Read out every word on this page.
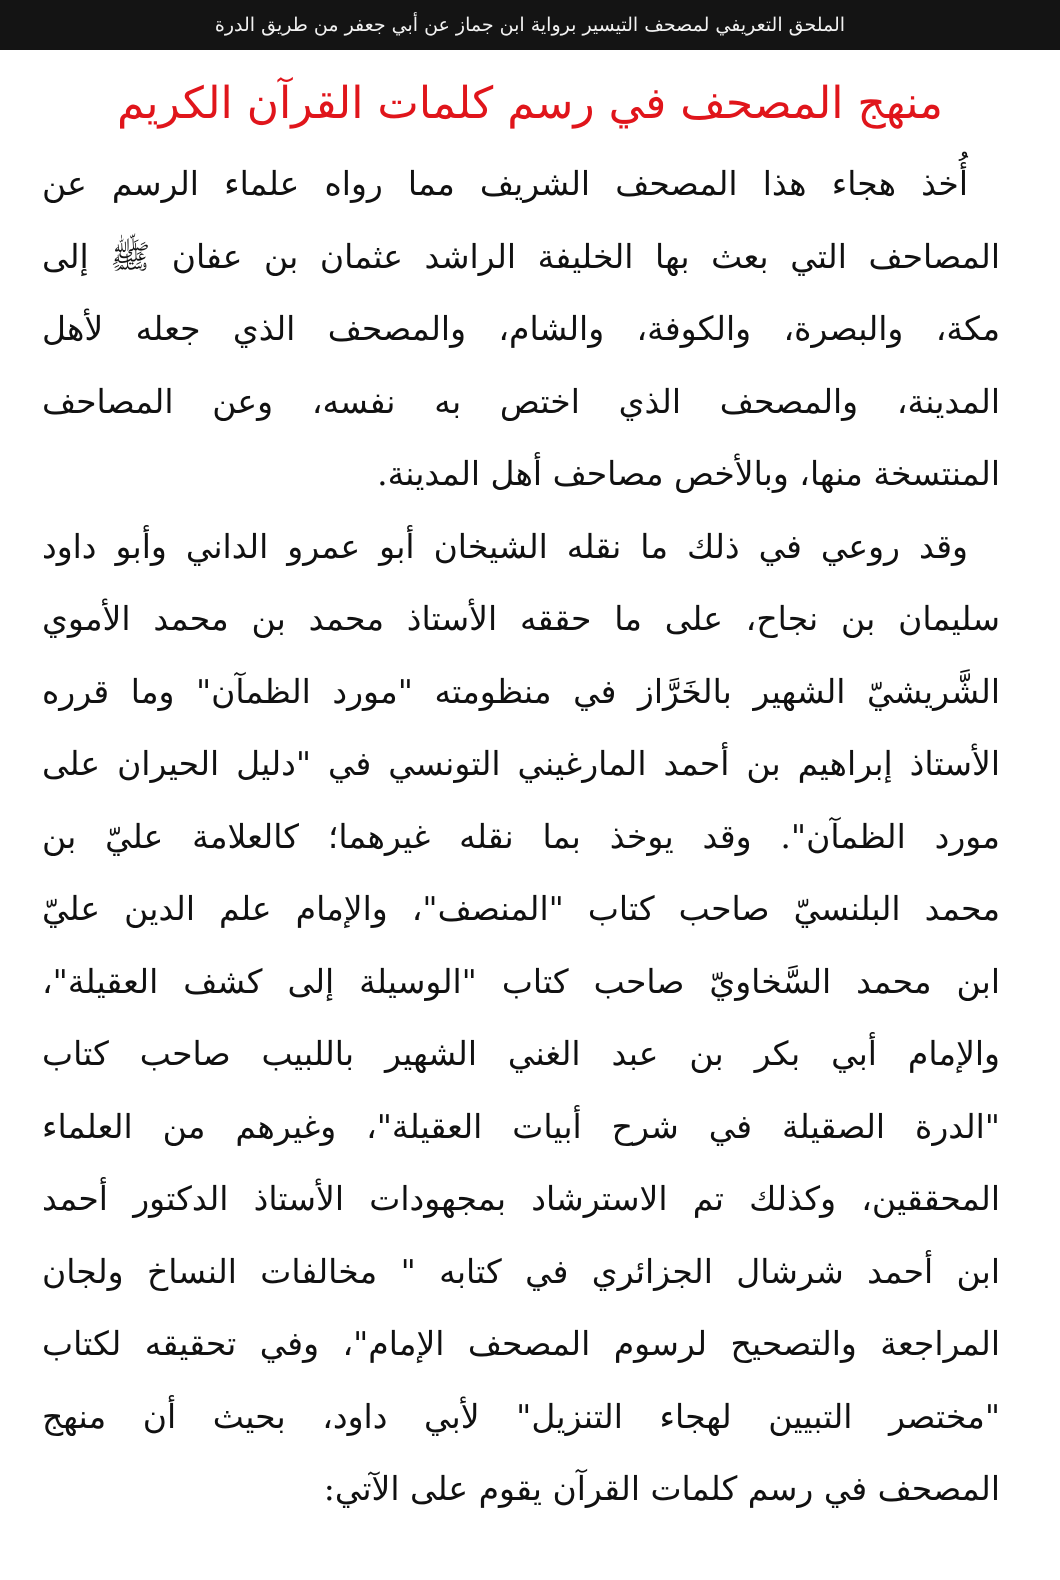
الملحق التعريفي لمصحف التيسير برواية ابن جماز عن أبي جعفر من طريق الدرة
منهج المصحف في رسم كلمات القرآن الكريم
أُخذ هجاء هذا المصحف الشريف مما رواه علماء الرسم عن
المصاحف التي بعث بها الخليفة الراشد عثمان بن عفان ﷺ إلى
مكة، والبصرة، والكوفة، والشام، والمصحف الذي جعله لأهل
المدينة، والمصحف الذي اختص به نفسه، وعن المصاحف
المنتسخة منها، وبالأخص مصاحف أهل المدينة.
وقد روعي في ذلك ما نقله الشيخان أبو عمرو الداني وأبو داود
سليمان بن نجاح، على ما حققه الأستاذ محمد بن محمد الأموي
الشَّريشيّ الشهير بالخَرَّاز في منظومته "مورد الظمآن" وما قرره
الأستاذ إبراهيم بن أحمد المارغيني التونسي في "دليل الحيران على
مورد الظمآن". وقد يوخذ بما نقله غيرهما؛ كالعلامة عليّ بن
محمد البلنسيّ صاحب كتاب "المنصف"، والإمام علم الدين عليّ
ابن محمد السَّخاويّ صاحب كتاب "الوسيلة إلى كشف العقيلة"،
والإمام أبي بكر بن عبد الغني الشهير باللبيب صاحب كتاب
"الدرة الصقيلة في شرح أبيات العقيلة"، وغيرهم من العلماء
المحققين، وكذلك تم الاسترشاد بمجهودات الأستاذ الدكتور أحمد
ابن أحمد شرشال الجزائري في كتابه " مخالفات النساخ ولجان
المراجعة والتصحيح لرسوم المصحف الإمام"، وفي تحقيقه لكتاب
"مختصر التبيين لهجاء التنزيل" لأبي داود، بحيث أن منهج
المصحف في رسم كلمات القرآن يقوم على الآتي:
